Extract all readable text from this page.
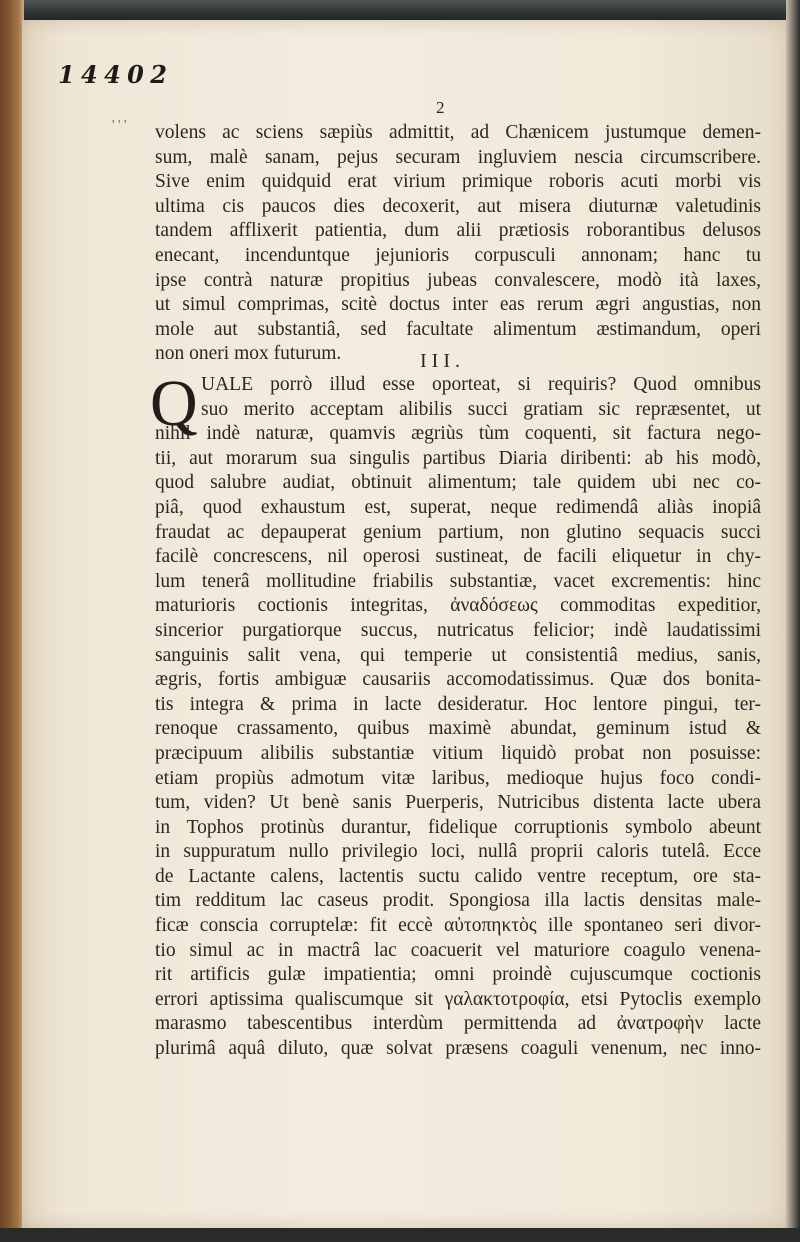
1 4 4 0 2
2
' ' ' volens ac sciens sæpiùs admittit, ad Chænicem justumque demen-
sum, malè sanam, pejus securam ingluviem nescia circumscribere.
Sive enim quidquid erat virium primique roboris acuti morbi vis
ultima cis paucos dies decoxerit, aut misera diuturnæ valetudinis
tandem afflixerit patientia, dum alii prætiosis roborantibus delusos
enecant, incenduntque jejunioris corpusculi annonam; hanc tu
ipse contrà naturæ propitius jubeas convalescere, modò ità laxes,
ut simul comprimas, scitè doctus inter eas rerum ægri angustias, non
mole aut substantiâ, sed facultate alimentum æstimandum, operi
non oneri mox futurum.	III.
Q UALE porrò illud esse oporteat, si requiris? Quod omnibus
suo merito acceptam alibilis succi gratiam sic repræsentet, ut
nihil indè naturæ, quamvis ægriùs tùm coquenti, sit factura nego-
tii, aut morarum sua singulis partibus Diaria diribenti: ab his modò,
quod salubre audiat, obtinuit alimentum; tale quidem ubi nec co-
piâ, quod exhaustum est, superat, neque redimendâ aliàs inopiâ
fraudat ac depauperat genium partium, non glutino sequacis succi
facilè concrescens, nil operosi sustineat, de facili eliquetur in chy-
lum tenerâ mollitudine friabilis substantiæ, vacet excrementis: hinc
maturioris coctionis integritas, ἀναδόσεως commoditas expeditior,
sincerior purgatiorque succus, nutricatus felicior; indè laudatissimi
sanguinis salit vena, qui temperie ut consistentiâ medius, sanis,
ægris, fortis ambiguæ causariis accomodatissimus. Quæ dos bonita-
tis integra & prima in lacte desideratur. Hoc lentore pingui, ter-
renoque crassamento, quibus maximè abundat, geminum istud &
præcipuum alibilis substantiæ vitium liquidò probat non posuisse:
etiam propiùs admotum vitæ laribus, medioque hujus foco condi-
tum, viden? Ut benè sanis Puerperis, Nutricibus distenta lacte ubera
in Tophos protinùs durantur, fidelique corruptionis symbolo abeunt
in suppuratum nullo privilegio loci, nullâ proprii caloris tutelâ. Ecce
de Lactante calens, lactentis suctu calido ventre receptum, ore sta-
tim redditum lac caseus prodit. Spongiosa illa lactis densitas male-
ficæ conscia corruptelæ: fit eccè αὐτοπηκτὸς ille spontaneo seri divor-
tio simul ac in mactrâ lac coacuerit vel maturiore coagulo venena-
rit artificis gulæ impatientia; omni proindè cujuscumque coctionis
errori aptissima qualiscumque sit γαλακτοτροφία, etsi Pytoclis exemplo
marasmo tabescentibus interdùm permittenda ad ἀνατροφὴν lacte
plurimâ aquâ diluto, quæ solvat præsens coaguli venenum, nec inno-
